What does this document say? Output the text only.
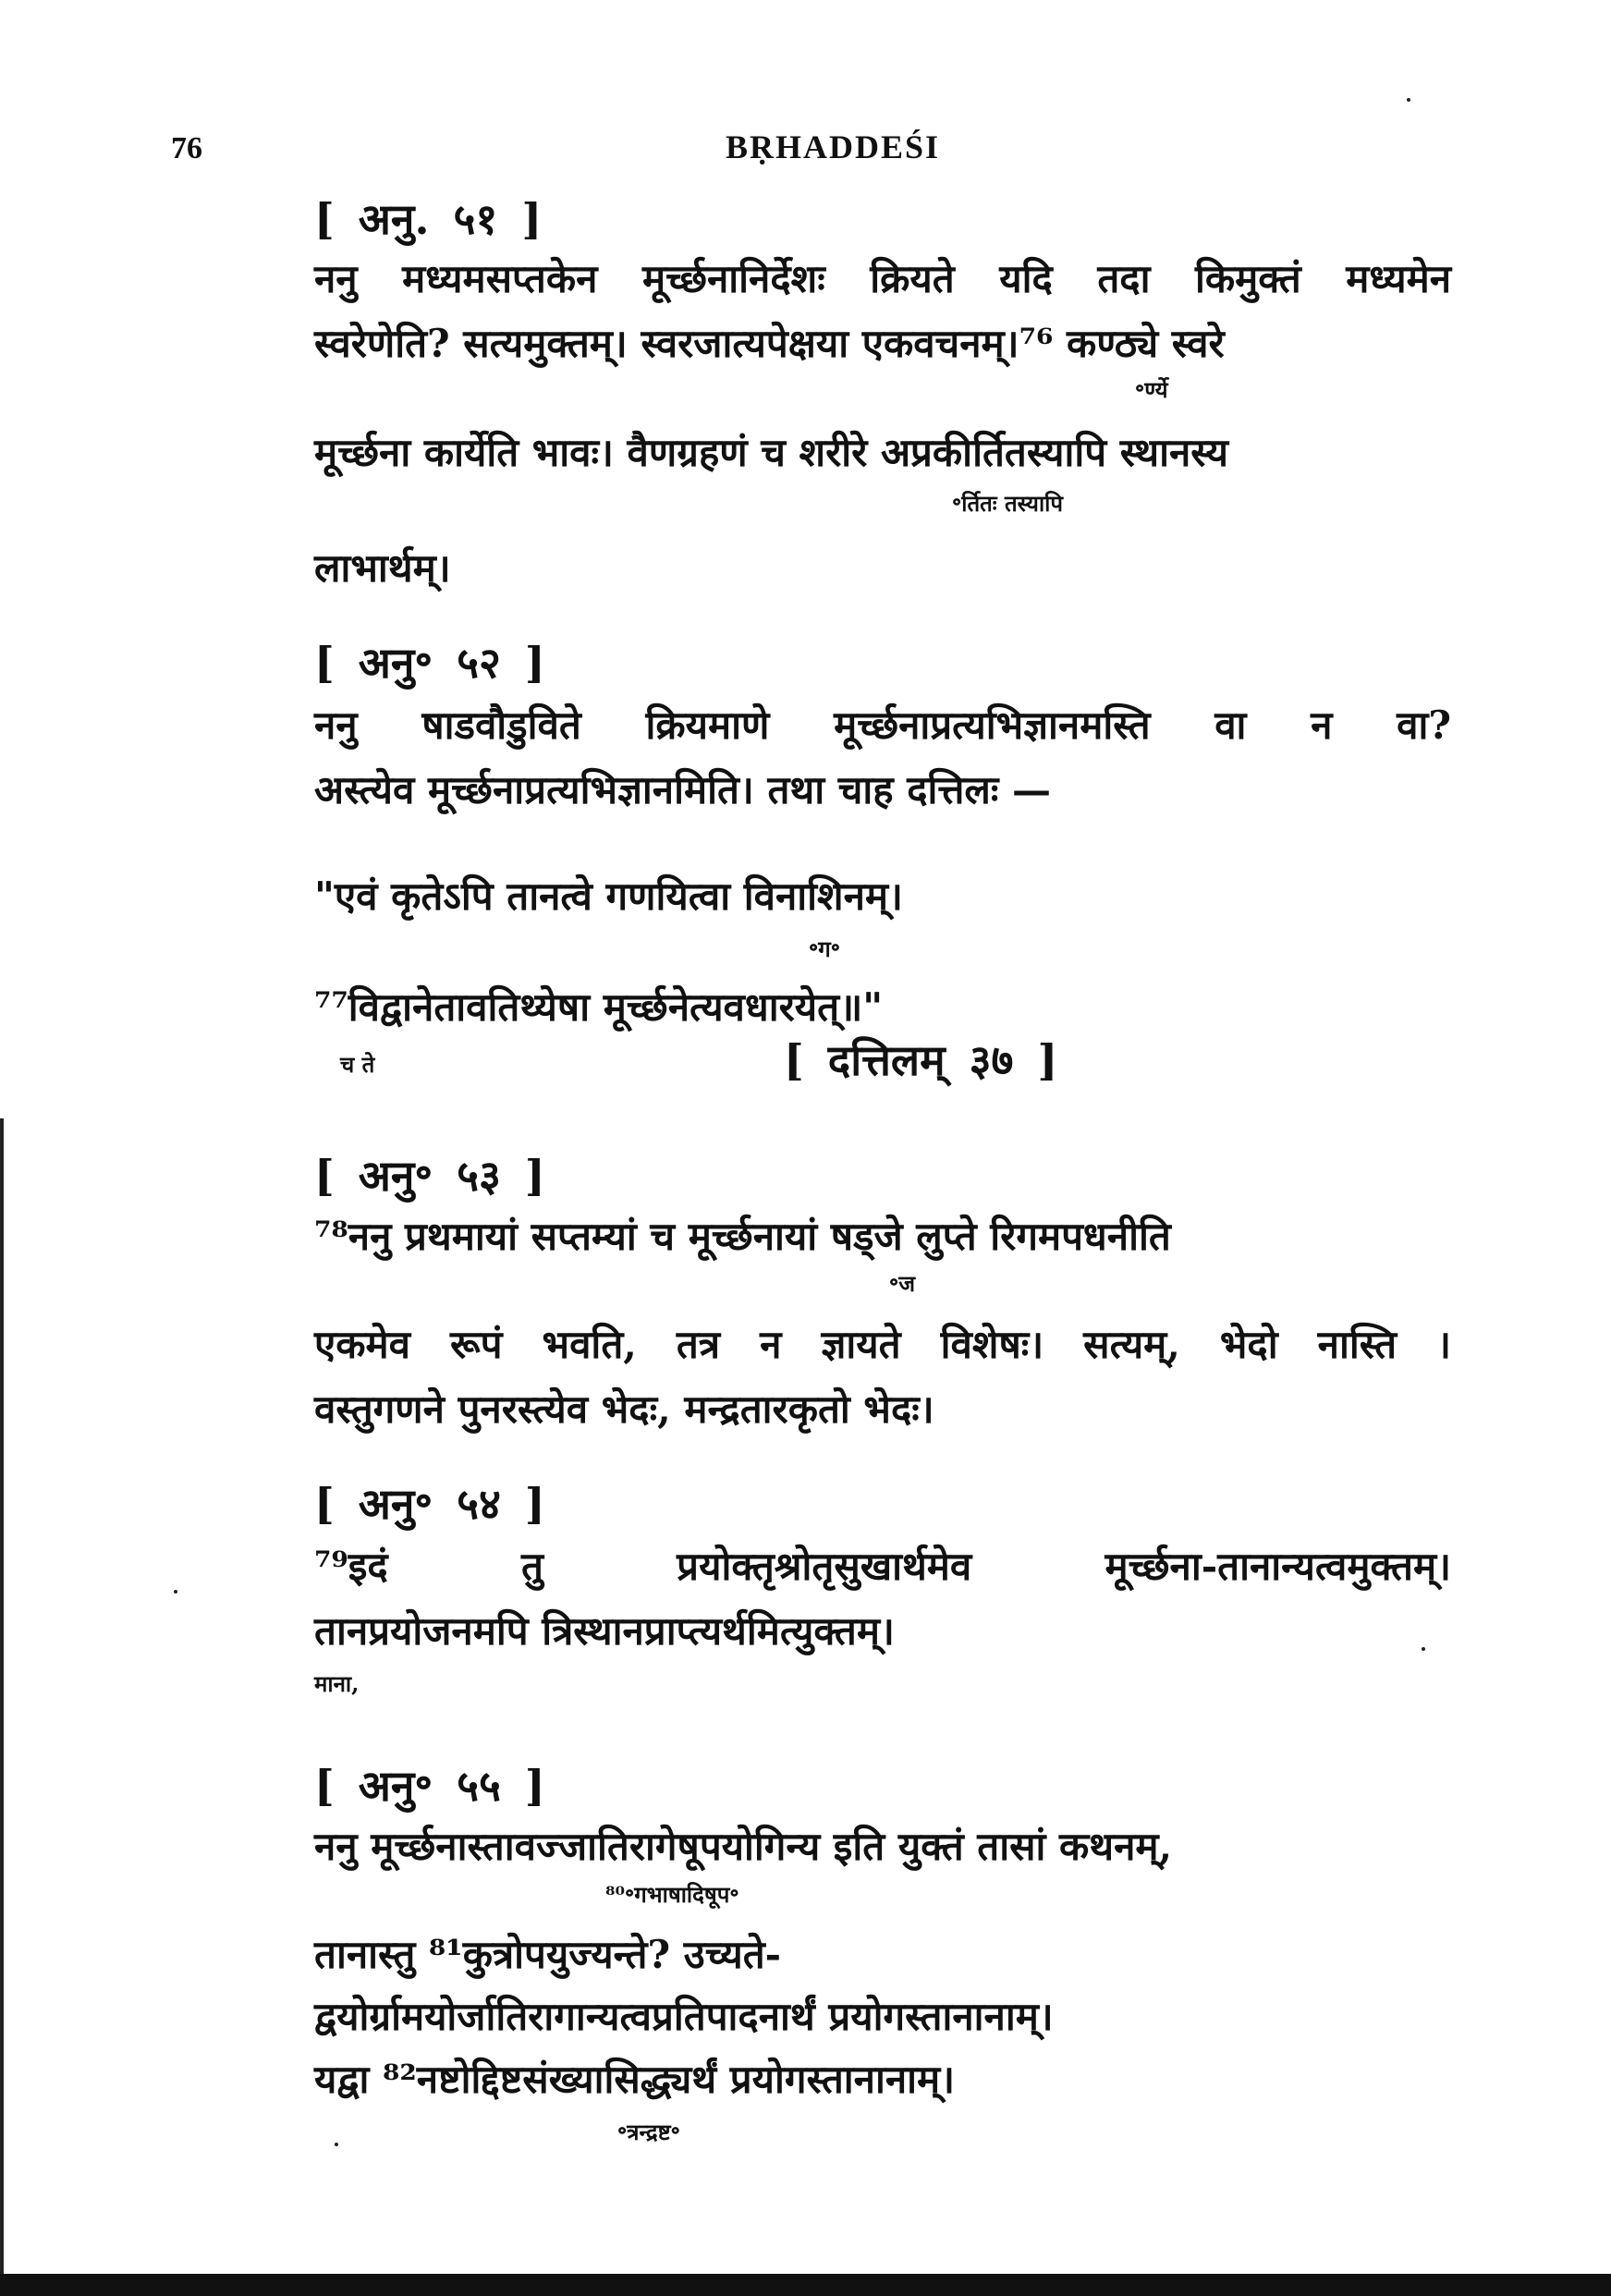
76	BṚHADDEŚI
[ अनु. ५१ ]
ननु मध्यमसप्तकेन मूर्च्छनानिर्देशः क्रियते यदि तदा किमुक्तं मध्यमेन
स्वरेणेति? सत्यमुक्तम्। स्वरजात्यपेक्षया एकवचनम्।⁷⁶ कण्ठ्ये स्वरे
॰र्ण्ये
मूर्च्छना कार्येति भावः। वैणग्रहणं च शरीरे अप्रकीर्तितस्यापि स्थानस्य
॰र्तितः तस्यापि
लाभार्थम्।
[ अनु॰ ५२ ]
ननु षाडवौडुविते क्रियमाणे मूर्च्छनाप्रत्यभिज्ञानमस्ति वा न वा?
अस्त्येव मूर्च्छनाप्रत्यभिज्ञानमिति। तथा चाह दत्तिलः —
"एवं कृतेऽपि तानत्वे गणयित्वा विनाशिनम्।
॰ग॰
⁷⁷विद्वानेतावतिथ्येषा मूर्च्छनेत्यवधारयेत्॥"
च ते	[ दत्तिलम् ३७ ]
[ अनु॰ ५३ ]
⁷⁸ननु प्रथमायां सप्तम्यां च मूर्च्छनायां षड्जे लुप्ते रिगमपधनीति
॰ज
एकमेव रूपं भवति, तत्र न ज्ञायते विशेषः। सत्यम्, भेदो नास्ति ।
वस्तुगणने पुनरस्त्येव भेदः, मन्द्रतारकृतो भेदः।
[ अनु॰ ५४ ]
⁷⁹इदं तु प्रयोक्तृश्रोतृसुखार्थमेव मूर्च्छना-तानान्यत्वमुक्तम्।
तानप्रयोजनमपि त्रिस्थानप्राप्त्यर्थमित्युक्तम्।
माना,
[ अनु॰ ५५ ]
ननु मूर्च्छनास्तावज्जातिरागेषूपयोगिन्य इति युक्तं तासां कथनम्,
⁸⁰॰गभाषादिषूप॰
तानास्तु ⁸¹कुत्रोपयुज्यन्ते? उच्यते-
द्वयोर्ग्रामयोर्जातिरागान्यत्वप्रतिपादनार्थं प्रयोगस्तानानाम्।
यद्वा ⁸²नष्टोद्दिष्टसंख्यासिद्ध्यर्थं प्रयोगस्तानानाम्।
॰त्रन्द्रष्ट॰
